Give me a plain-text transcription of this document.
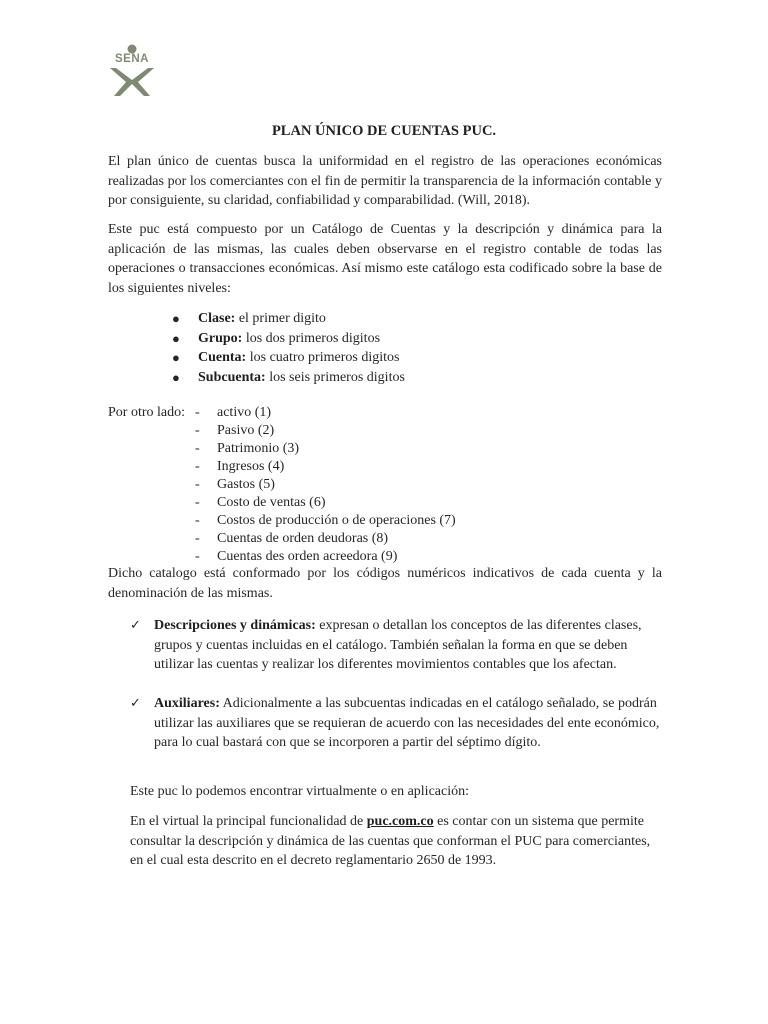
SENA
PLAN ÚNICO DE CUENTAS PUC.

El plan único de cuentas busca la uniformidad en el registro de las operaciones económicas realizadas por los comerciantes con el fin de permitir la transparencia de la información contable y por consiguiente, su claridad, confiabilidad y comparabilidad. (Will, 2018).

Este puc está compuesto por un Catálogo de Cuentas y la descripción y dinámica para la aplicación de las mismas, las cuales deben observarse en el registro contable de todas las operaciones o transacciones económicas. Así mismo este catálogo esta codificado sobre la base de los siguientes niveles:

● Clase: el primer digito
● Grupo: los dos primeros digitos
● Cuenta: los cuatro primeros digitos
● Subcuenta: los seis primeros digitos
Por otro lado: - activo (1)
- Pasivo (2)
- Patrimonio (3)
- Ingresos (4)
- Gastos (5)
- Costo de ventas (6)
- Costos de producción o de operaciones (7)
- Cuentas de orden deudoras (8)
- Cuentas des orden acreedora (9)

Dicho catalogo está conformado por los códigos numéricos indicativos de cada cuenta y la denominación de las mismas.

✓ Descripciones y dinámicas: expresan o detallan los conceptos de las diferentes clases, grupos y cuentas incluidas en el catálogo. También señalan la forma en que se deben utilizar las cuentas y realizar los diferentes movimientos contables que los afectan.
✓ Auxiliares: Adicionalmente a las subcuentas indicadas en el catálogo señalado, se podrán utilizar las auxiliares que se requieran de acuerdo con las necesidades del ente económico, para lo cual bastará con que se incorporen a partir del séptimo dígito.

Este puc lo podemos encontrar virtualmente o en aplicación:

En el virtual la principal funcionalidad de puc.com.co es contar con un sistema que permite consultar la descripción y dinámica de las cuentas que conforman el PUC para comerciantes, en el cual esta descrito en el decreto reglamentario 2650 de 1993.
